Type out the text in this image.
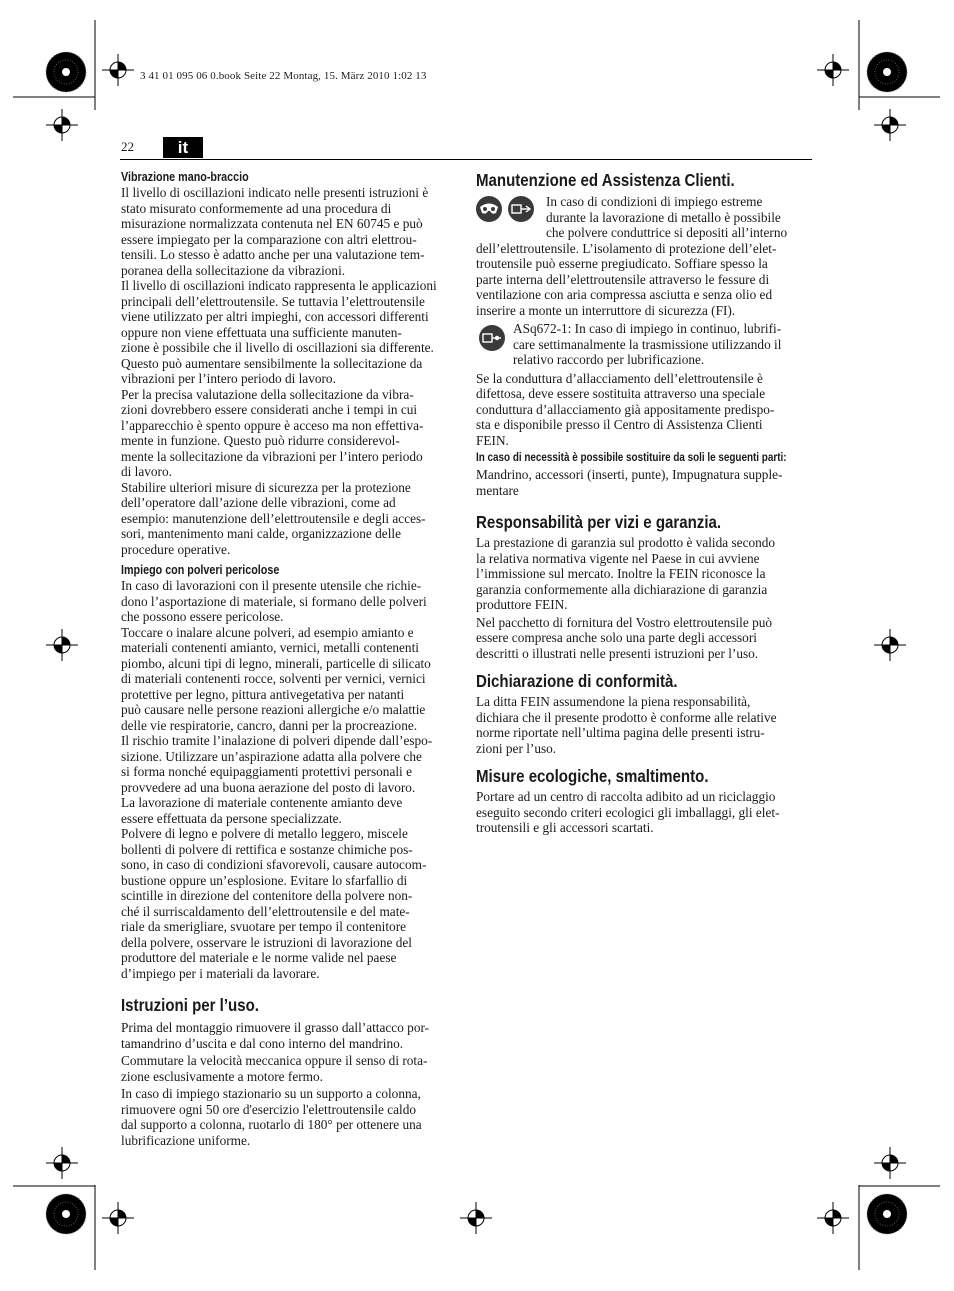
3 41 01 095 06 0.book Seite 22 Montag, 15. März 2010 1:02 13
22	it

Vibrazione mano-braccio

Il livello di oscillazioni indicato nelle presenti istruzioni è
stato misurato conformemente ad una procedura di
misurazione normalizzata contenuta nel EN 60745 e può
essere impiegato per la comparazione con altri elettrou-
tensili. Lo stesso è adatto anche per una valutazione tem-
poranea della sollecitazione da vibrazioni.

Il livello di oscillazioni indicato rappresenta le applicazioni
principali dell’elettroutensile. Se tuttavia l’elettroutensile
viene utilizzato per altri impieghi, con accessori differenti
oppure non viene effettuata una sufficiente manuten-
zione è possibile che il livello di oscillazioni sia differente.
Questo può aumentare sensibilmente la sollecitazione da
vibrazioni per l’intero periodo di lavoro.

Per la precisa valutazione della sollecitazione da vibra-
zioni dovrebbero essere considerati anche i tempi in cui
l’apparecchio è spento oppure è acceso ma non effettiva-
mente in funzione. Questo può ridurre considerevol-
mente la sollecitazione da vibrazioni per l’intero periodo
di lavoro.

Stabilire ulteriori misure di sicurezza per la protezione
dell’operatore dall’azione delle vibrazioni, come ad
esempio: manutenzione dell’elettroutensile e degli acces-
sori, mantenimento mani calde, organizzazione delle
procedure operative.

Impiego con polveri pericolose

In caso di lavorazioni con il presente utensile che richie-
dono l’asportazione di materiale, si formano delle polveri
che possono essere pericolose.

Toccare o inalare alcune polveri, ad esempio amianto e
materiali contenenti amianto, vernici, metalli contenenti
piombo, alcuni tipi di legno, minerali, particelle di silicato
di materiali contenenti rocce, solventi per vernici, vernici
protettive per legno, pittura antivegetativa per natanti
può causare nelle persone reazioni allergiche e/o malattie
delle vie respiratorie, cancro, danni per la procreazione.
Il rischio tramite l’inalazione di polveri dipende dall’espo-
sizione. Utilizzare un’aspirazione adatta alla polvere che
si forma nonché equipaggiamenti protettivi personali e
provvedere ad una buona aerazione del posto di lavoro.
La lavorazione di materiale contenente amianto deve
essere effettuata da persone specializzate.

Polvere di legno e polvere di metallo leggero, miscele
bollenti di polvere di rettifica e sostanze chimiche pos-
sono, in caso di condizioni sfavorevoli, causare autocom-
bustione oppure un’esplosione. Evitare lo sfarfallio di
scintille in direzione del contenitore della polvere non-
ché il surriscaldamento dell’elettroutensile e del mate-
riale da smerigliare, svuotare per tempo il contenitore
della polvere, osservare le istruzioni di lavorazione del
produttore del materiale e le norme valide nel paese
d’impiego per i materiali da lavorare.

Istruzioni per l’uso.

Prima del montaggio rimuovere il grasso dall’attacco por-
tamandrino d’uscita e dal cono interno del mandrino.

Commutare la velocità meccanica oppure il senso di rota-
zione esclusivamente a motore fermo.

In caso di impiego stazionario su un supporto a colonna,
rimuovere ogni 50 ore d'esercizio l'elettroutensile caldo
dal supporto a colonna, ruotarlo di 180° per ottenere una
lubrificazione uniforme.

Manutenzione ed Assistenza Clienti.

In caso di condizioni di impiego estreme
durante la lavorazione di metallo è possibile
che polvere conduttrice si depositi all’interno

dell’elettroutensile. L’isolamento di protezione dell’elet-
troutensile può esserne pregiudicato. Soffiare spesso la
parte interna dell’elettroutensile attraverso le fessure di
ventilazione con aria compressa asciutta e senza olio ed
inserire a monte un interruttore di sicurezza (FI).

ASq672-1: In caso di impiego in continuo, lubrifi-
care settimanalmente la trasmissione utilizzando il
relativo raccordo per lubrificazione.

Se la conduttura d’allacciamento dell’elettroutensile è
difettosa, deve essere sostituita attraverso una speciale
conduttura d’allacciamento già appositamente predispo-
sta e disponibile presso il Centro di Assistenza Clienti
FEIN.

In caso di necessità è possibile sostituire da soli le seguenti parti:

Mandrino, accessori (inserti, punte), Impugnatura supple-
mentare

Responsabilità per vizi e garanzia.

La prestazione di garanzia sul prodotto è valida secondo
la relativa normativa vigente nel Paese in cui avviene
l’immissione sul mercato. Inoltre la FEIN riconosce la
garanzia conformemente alla dichiarazione di garanzia
produttore FEIN.

Nel pacchetto di fornitura del Vostro elettroutensile può
essere compresa anche solo una parte degli accessori
descritti o illustrati nelle presenti istruzioni per l’uso.

Dichiarazione di conformità.

La ditta FEIN assumendone la piena responsabilità,
dichiara che il presente prodotto è conforme alle relative
norme riportate nell’ultima pagina delle presenti istru-
zioni per l’uso.

Misure ecologiche, smaltimento.

Portare ad un centro di raccolta adibito ad un riciclaggio
eseguito secondo criteri ecologici gli imballaggi, gli elet-
troutensili e gli accessori scartati.
